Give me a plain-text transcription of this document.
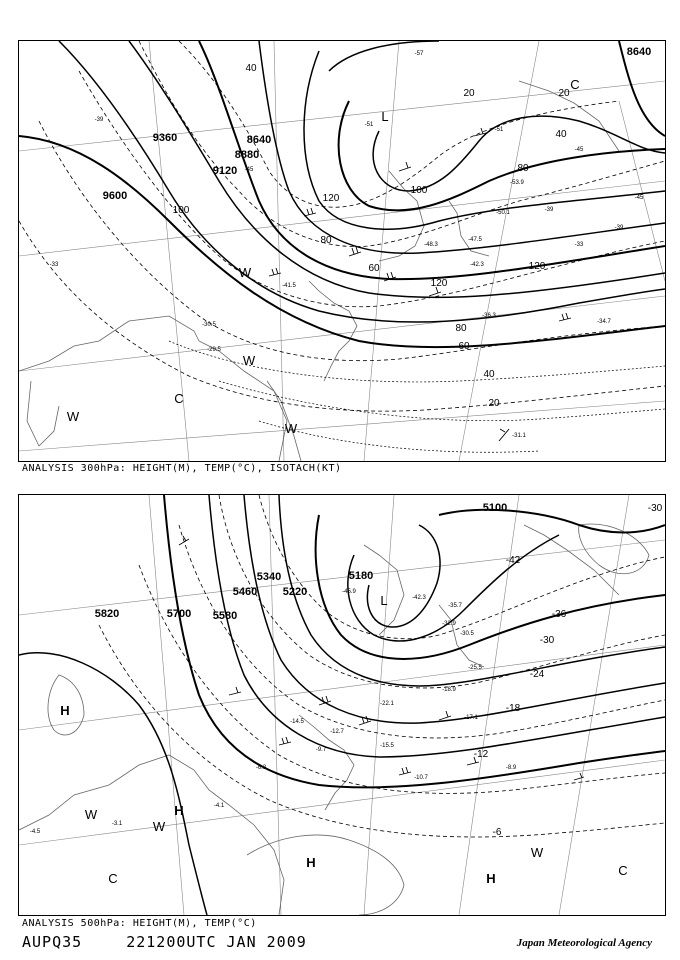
8640
8880
9120
9360
9600
8640
120
100
80
60
40
20	20
120
80
60
40
20
40
80
100
120
-57
-51
-45
-39
-33
-39
-45
-51
-33
-39
-45
-31.1
-36.3
-34.7
-30.5
-29.5
-41.5
-48.3
-47.5
-42.3
-50.1
-53.9
L
C
W
C
W
W
W
ANALYSIS 300hPa: HEIGHT(M), TEMP(°C), ISOTACH(KT)
5100
5180
5220
5340
5460
5580
5700
5820
-42
-36
-30
-24
-18
-12
-6
-30
-45.9
-42.3
-35.7
-32.9
-30.5
-25.5
-22.1
-18.9
-17.1
-15.5
-10.7
-8.9
-6.3
-4.1
-3.1
-4.5
-9.7
-12.7
-14.5
H
H
H
H
W
W
W
C
C
L
ANALYSIS 500hPa: HEIGHT(M), TEMP(°C)
AUPQ35	221200UTC JAN 2009	Japan Meteorological Agency
